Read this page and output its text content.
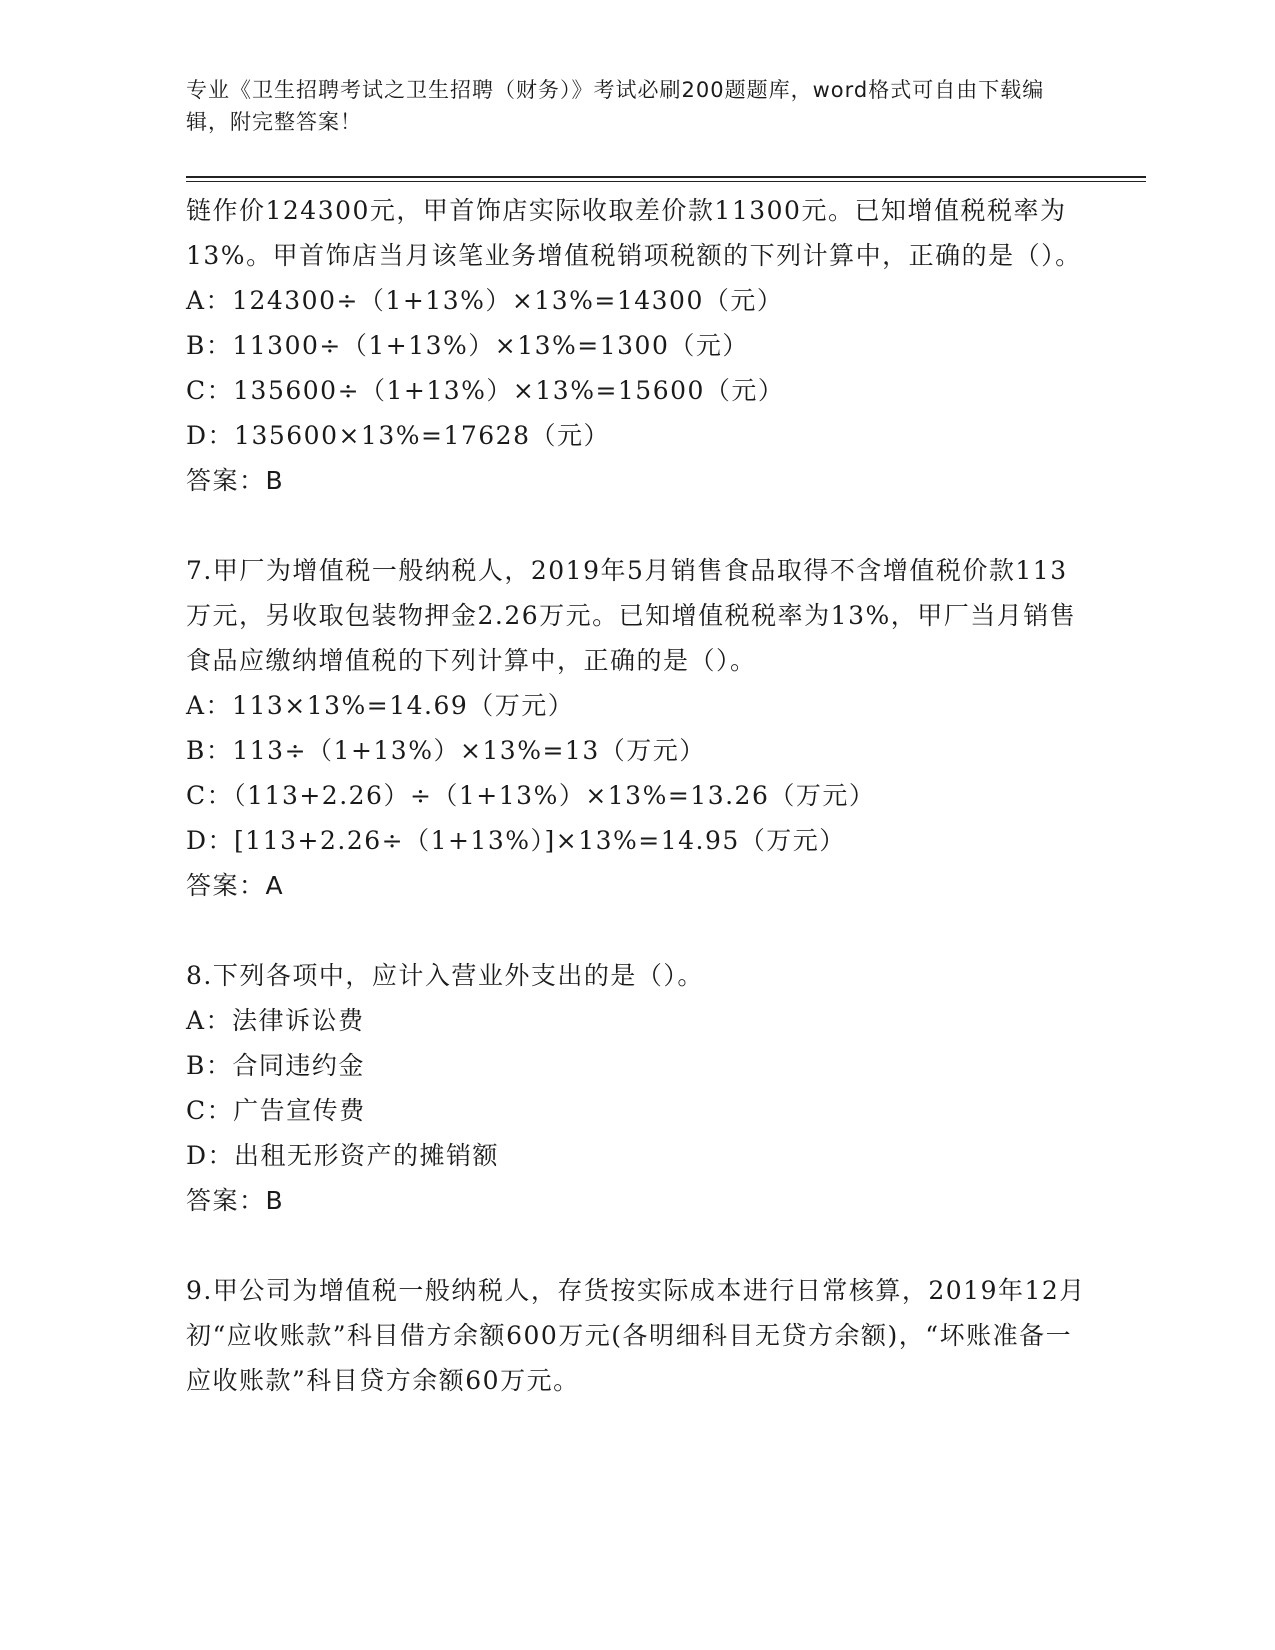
专业《卫生招聘考试之卫生招聘（财务）》考试必刷200题题库，word格式可自由下载编辑，附完整答案！

链作价124300元，甲首饰店实际收取差价款11300元。已知增值税税率为13%。甲首饰店当月该笔业务增值税销项税额的下列计算中，正确的是（）。

A：124300÷（1+13%）×13%=14300（元）
B：11300÷（1+13%）×13%=1300（元）
C：135600÷（1+13%）×13%=15600（元）
D：135600×13%=17628（元）
答案：B

7.甲厂为增值税一般纳税人，2019年5月销售食品取得不含增值税价款113万元，另收取包装物押金2.26万元。已知增值税税率为13%，甲厂当月销售食品应缴纳增值税的下列计算中，正确的是（）。

A：113×13%=14.69（万元）
B：113÷（1+13%）×13%=13（万元）
C：（113+2.26）÷（1+13%）×13%=13.26（万元）
D：[113+2.26÷（1+13%）]×13%=14.95（万元）
答案：A

8.下列各项中，应计入营业外支出的是（）。

A：法律诉讼费
B：合同违约金
C：广告宣传费
D：出租无形资产的摊销额
答案：B

9.甲公司为增值税一般纳税人，存货按实际成本进行日常核算，2019年12月初“应收账款”科目借方余额600万元(各明细科目无贷方余额)，“坏账准备一应收账款”科目贷方余额60万元。
